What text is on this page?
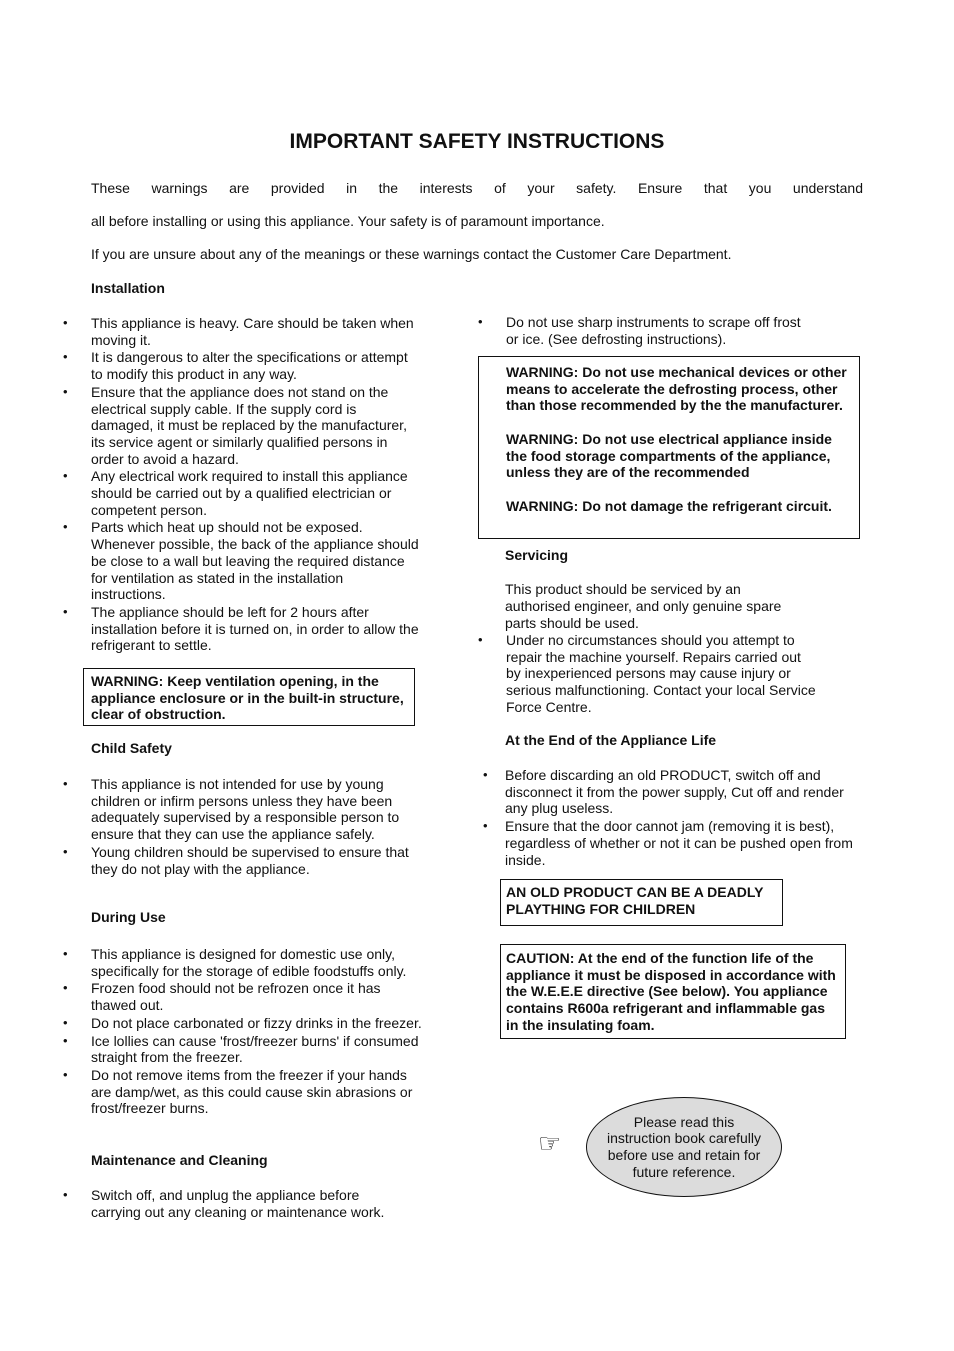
IMPORTANT SAFETY INSTRUCTIONS

These warnings are provided in the interests of your safety. Ensure that you understand

all before installing or using this appliance. Your safety is of paramount importance.

If you are unsure about any of the meanings or these warnings contact the Customer Care Department.

Installation
• This appliance is heavy. Care should be taken when moving it.
• It is dangerous to alter the specifications or attempt to modify this product in any way.
• Ensure that the appliance does not stand on the electrical supply cable. If the supply cord is damaged, it must be replaced by the manufacturer, its service agent or similarly qualified persons in order to avoid a hazard.
• Any electrical work required to install this appliance should be carried out by a qualified electrician or competent person.
• Parts which heat up should not be exposed. Whenever possible, the back of the appliance should be close to a wall but leaving the required distance for ventilation as stated in the installation instructions.
• The appliance should be left for 2 hours after installation before it is turned on, in order to allow the refrigerant to settle.

WARNING: Keep ventilation opening, in the appliance enclosure or in the built-in structure, clear of obstruction.

Child Safety
• This appliance is not intended for use by young children or infirm persons unless they have been adequately supervised by a responsible person to ensure that they can use the appliance safely.
• Young children should be supervised to ensure that they do not play with the appliance.
During Use
• This appliance is designed for domestic use only, specifically for the storage of edible foodstuffs only.
• Frozen food should not be refrozen once it has thawed out.
• Do not place carbonated or fizzy drinks in the freezer.
• Ice lollies can cause 'frost/freezer burns' if consumed straight from the freezer.
• Do not remove items from the freezer if your hands are damp/wet, as this could cause skin abrasions or frost/freezer burns.
Maintenance and Cleaning
• Switch off, and unplug the appliance before carrying out any cleaning or maintenance work.
• Do not use sharp instruments to scrape off frost or ice. (See defrosting instructions).

WARNING: Do not use mechanical devices or other means to accelerate the defrosting process, other than those recommended by the the manufacturer.

WARNING: Do not use electrical appliance inside the food storage compartments of the appliance, unless they are of the recommended

WARNING: Do not damage the refrigerant circuit.

Servicing

This product should be serviced by an authorised engineer, and only genuine spare parts should be used.

• Under no circumstances should you attempt to repair the machine yourself. Repairs carried out by inexperienced persons may cause injury or serious malfunctioning. Contact your local Service Force Centre.
At the End of the Appliance Life
• Before discarding an old PRODUCT, switch off and disconnect it from the power supply, Cut off and render any plug useless.
• Ensure that the door cannot jam (removing it is best), regardless of whether or not it can be pushed open from inside.

AN OLD PRODUCT CAN BE A DEADLY PLAYTHING FOR CHILDREN

CAUTION: At the end of the function life of the appliance it must be disposed in accordance with the W.E.E.E directive (See below). You appliance contains R600a refrigerant and inflammable gas in the insulating foam.

☞
Please read this instruction book carefully before use and retain for future reference.
